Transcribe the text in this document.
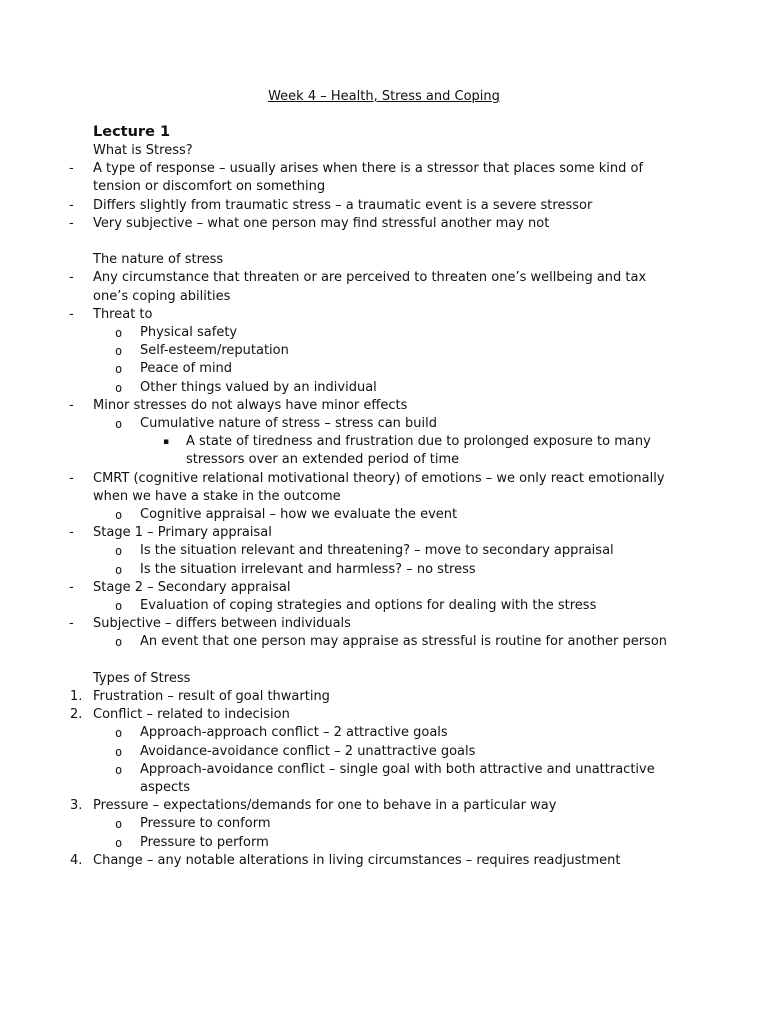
Week 4 – Health, Stress and Coping
Lecture 1
What is Stress?
- A type of response – usually arises when there is a stressor that places some kind of tension or discomfort on something
- Differs slightly from traumatic stress – a traumatic event is a severe stressor
- Very subjective – what one person may find stressful another may not
The nature of stress
- Any circumstance that threaten or are perceived to threaten one’s wellbeing and tax one’s coping abilities
- Threat to
o Physical safety
o Self-esteem/reputation
o Peace of mind
o Other things valued by an individual
- Minor stresses do not always have minor effects
o Cumulative nature of stress – stress can build
▪ A state of tiredness and frustration due to prolonged exposure to many stressors over an extended period of time
- CMRT (cognitive relational motivational theory) of emotions – we only react emotionally when we have a stake in the outcome
o Cognitive appraisal – how we evaluate the event
- Stage 1 – Primary appraisal
o Is the situation relevant and threatening? – move to secondary appraisal
o Is the situation irrelevant and harmless? – no stress
- Stage 2 – Secondary appraisal
o Evaluation of coping strategies and options for dealing with the stress
- Subjective – differs between individuals
o An event that one person may appraise as stressful is routine for another person
Types of Stress
1. Frustration – result of goal thwarting
2. Conflict – related to indecision
o Approach-approach conflict – 2 attractive goals
o Avoidance-avoidance conflict – 2 unattractive goals
o Approach-avoidance conflict – single goal with both attractive and unattractive aspects
3. Pressure – expectations/demands for one to behave in a particular way
o Pressure to conform
o Pressure to perform
4. Change – any notable alterations in living circumstances – requires readjustment
